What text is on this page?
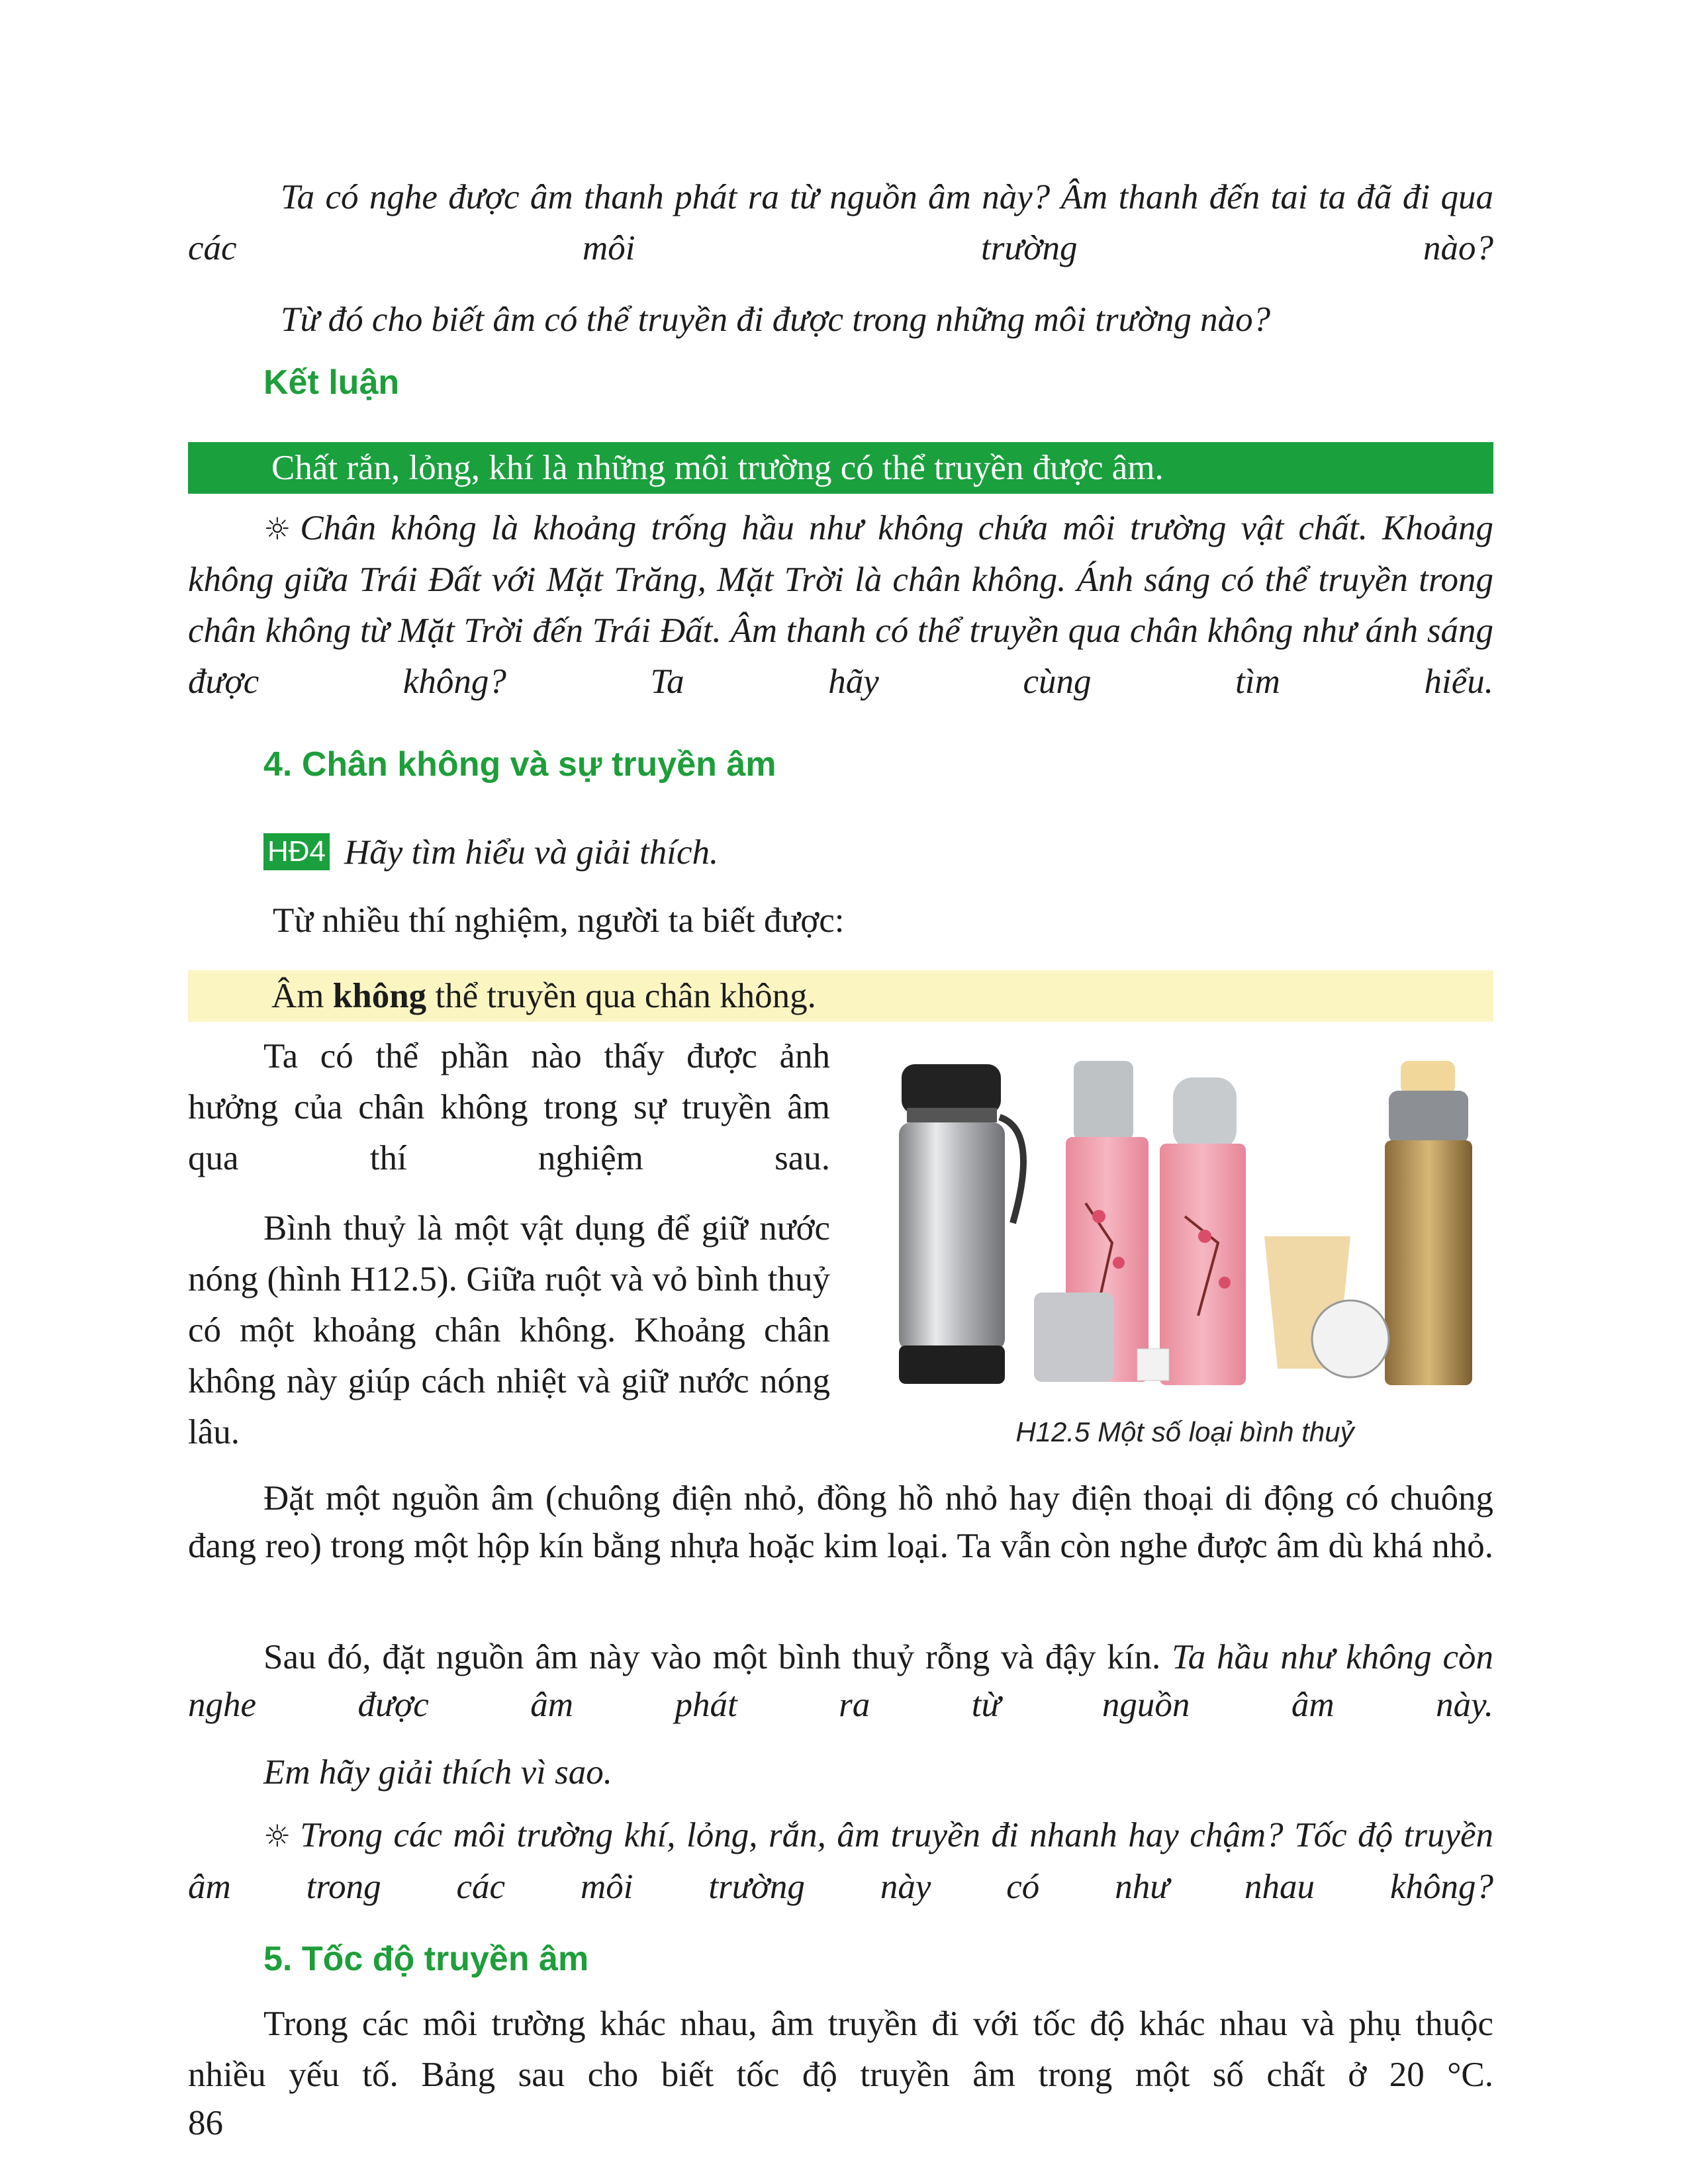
Ta có nghe được âm thanh phát ra từ nguồn âm này? Âm thanh đến tai ta đã đi qua các môi trường nào?

Từ đó cho biết âm có thể truyền đi được trong những môi trường nào?

Kết luận
Chất rắn, lỏng, khí là những môi trường có thể truyền được âm.

☼ Chân không là khoảng trống hầu như không chứa môi trường vật chất. Khoảng không giữa Trái Đất với Mặt Trăng, Mặt Trời là chân không. Ánh sáng có thể truyền trong chân không từ Mặt Trời đến Trái Đất. Âm thanh có thể truyền qua chân không như ánh sáng được không? Ta hãy cùng tìm hiểu.

4. Chân không và sự truyền âm

HĐ4 Hãy tìm hiểu và giải thích.

Từ nhiều thí nghiệm, người ta biết được:

Âm không thể truyền qua chân không.

Ta có thể phần nào thấy được ảnh hưởng của chân không trong sự truyền âm qua thí nghiệm sau.

Bình thuỷ là một vật dụng để giữ nước nóng (hình H12.5). Giữa ruột và vỏ bình thuỷ có một khoảng chân không. Khoảng chân không này giúp cách nhiệt và giữ nước nóng lâu.	H12.5 Một số loại bình thuỷ

Đặt một nguồn âm (chuông điện nhỏ, đồng hồ nhỏ hay điện thoại di động có chuông đang reo) trong một hộp kín bằng nhựa hoặc kim loại. Ta vẫn còn nghe được âm dù khá nhỏ.

Sau đó, đặt nguồn âm này vào một bình thuỷ rỗng và đậy kín. Ta hầu như không còn nghe được âm phát ra từ nguồn âm này.

Em hãy giải thích vì sao.

☼ Trong các môi trường khí, lỏng, rắn, âm truyền đi nhanh hay chậm? Tốc độ truyền âm trong các môi trường này có như nhau không?

5. Tốc độ truyền âm

Trong các môi trường khác nhau, âm truyền đi với tốc độ khác nhau và phụ thuộc nhiều yếu tố. Bảng sau cho biết tốc độ truyền âm trong một số chất ở 20 °C.

86
